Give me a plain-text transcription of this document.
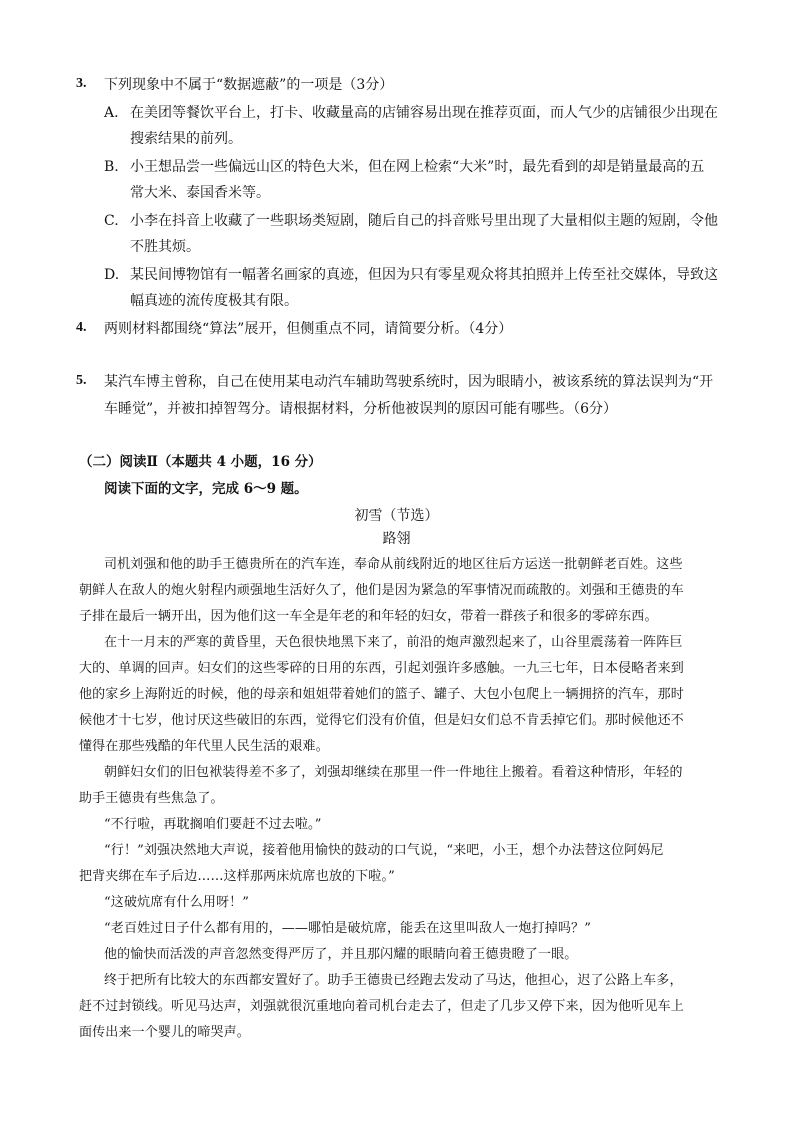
3. 下列现象中不属于“数据遮蔽”的一项是（3分）
A. 在美团等餐饮平台上，打卡、收藏量高的店铺容易出现在推荐页面，而人气少的店铺很少出现在
搜索结果的前列。
B. 小王想品尝一些偏远山区的特色大米，但在网上检索“大米”时，最先看到的却是销量最高的五
常大米、泰国香米等。
C. 小李在抖音上收藏了一些职场类短剧，随后自己的抖音账号里出现了大量相似主题的短剧，令他
不胜其烦。
D. 某民间博物馆有一幅著名画家的真迹，但因为只有零星观众将其拍照并上传至社交媒体，导致这
幅真迹的流传度极其有限。
4. 两则材料都围绕“算法”展开，但侧重点不同，请简要分析。（4分）
5. 某汽车博主曾称，自己在使用某电动汽车辅助驾驶系统时，因为眼睛小，被该系统的算法误判为“开
车睡觉”，并被扣掉智驾分。请根据材料，分析他被误判的原因可能有哪些。（6分）
（二）阅读Ⅱ（本题共 4 小题，16 分）
阅读下面的文字，完成 6～9 题。
初雪（节选）
路翎
司机刘强和他的助手王德贵所在的汽车连，奉命从前线附近的地区往后方运送一批朝鲜老百姓。这些
朝鲜人在敌人的炮火射程内顽强地生活好久了，他们是因为紧急的军事情况而疏散的。刘强和王德贵的车
子排在最后一辆开出，因为他们这一车全是年老的和年轻的妇女，带着一群孩子和很多的零碎东西。
在十一月末的严寒的黄昏里，天色很快地黑下来了，前沿的炮声激烈起来了，山谷里震荡着一阵阵巨
大的、单调的回声。妇女们的这些零碎的日用的东西，引起刘强许多感触。一九三七年，日本侵略者来到
他的家乡上海附近的时候，他的母亲和姐姐带着她们的篮子、罐子、大包小包爬上一辆拥挤的汽车，那时
候他才十七岁，他讨厌这些破旧的东西，觉得它们没有价值，但是妇女们总不肯丢掉它们。那时候他还不
懂得在那些残酷的年代里人民生活的艰难。
朝鲜妇女们的旧包袱装得差不多了，刘强却继续在那里一件一件地往上搬着。看着这种情形，年轻的
助手王德贵有些焦急了。
“不行啦，再耽搁咱们要赶不过去啦。”
“行！”刘强决然地大声说，接着他用愉快的鼓动的口气说，“来吧，小王，想个办法替这位阿妈尼
把背夹绑在车子后边……这样那两床炕席也放的下啦。”
“这破炕席有什么用呀！”
“老百姓过日子什么都有用的，——哪怕是破炕席，能丢在这里叫敌人一炮打掉吗？”
他的愉快而活泼的声音忽然变得严厉了，并且那闪耀的眼睛向着王德贵瞪了一眼。
终于把所有比较大的东西都安置好了。助手王德贵已经跑去发动了马达，他担心，迟了公路上车多，
赶不过封锁线。听见马达声，刘强就很沉重地向着司机台走去了，但走了几步又停下来，因为他听见车上
面传出来一个婴儿的啼哭声。
